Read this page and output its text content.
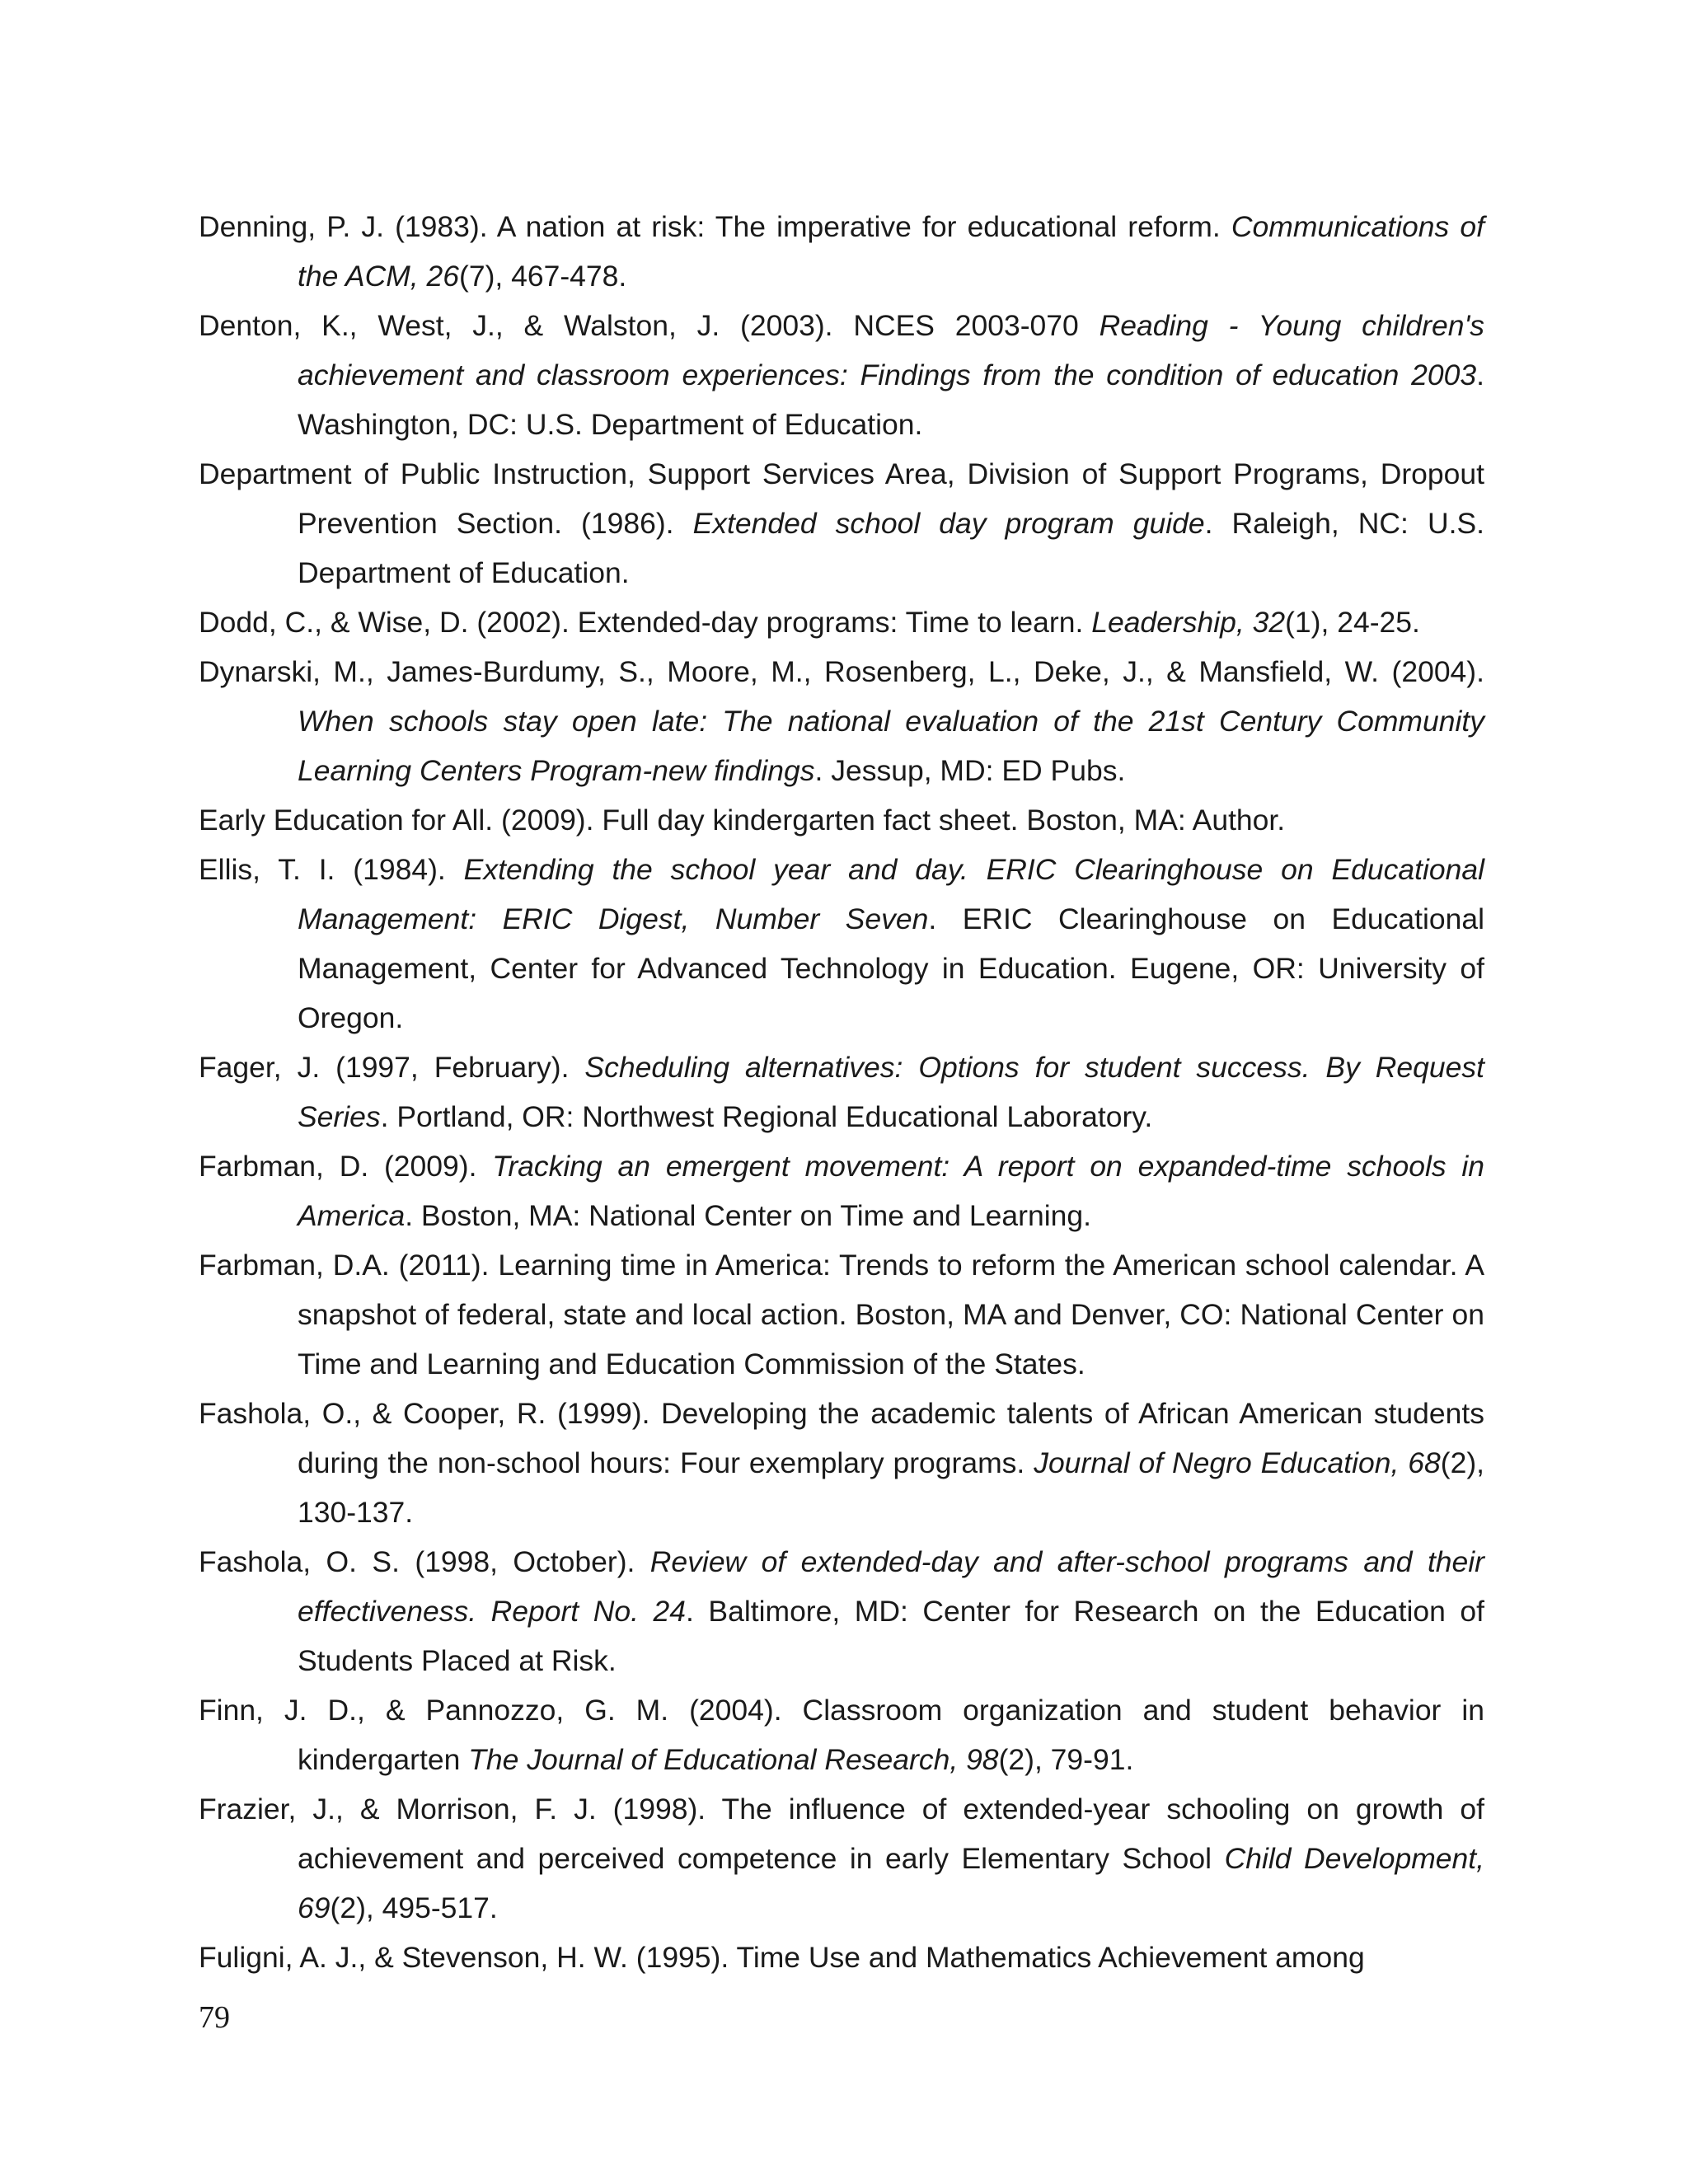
Denning, P. J. (1983). A nation at risk: The imperative for educational reform. Communications of the ACM, 26(7), 467-478.

Denton, K., West, J., & Walston, J. (2003). NCES 2003-070 Reading - Young children's achievement and classroom experiences: Findings from the condition of education 2003. Washington, DC: U.S. Department of Education.

Department of Public Instruction, Support Services Area, Division of Support Programs, Dropout Prevention Section. (1986). Extended school day program guide. Raleigh, NC: U.S. Department of Education.

Dodd, C., & Wise, D. (2002). Extended-day programs: Time to learn. Leadership, 32(1), 24-25.

Dynarski, M., James-Burdumy, S., Moore, M., Rosenberg, L., Deke, J., & Mansfield, W. (2004). When schools stay open late: The national evaluation of the 21st Century Community Learning Centers Program-new findings. Jessup, MD: ED Pubs.

Early Education for All. (2009). Full day kindergarten fact sheet. Boston, MA: Author.

Ellis, T. I. (1984). Extending the school year and day. ERIC Clearinghouse on Educational Management: ERIC Digest, Number Seven. ERIC Clearinghouse on Educational Management, Center for Advanced Technology in Education. Eugene, OR: University of Oregon.

Fager, J. (1997, February). Scheduling alternatives: Options for student success. By Request Series. Portland, OR: Northwest Regional Educational Laboratory.

Farbman, D. (2009). Tracking an emergent movement: A report on expanded-time schools in America. Boston, MA: National Center on Time and Learning.

Farbman, D.A. (2011). Learning time in America: Trends to reform the American school calendar. A snapshot of federal, state and local action. Boston, MA and Denver, CO: National Center on Time and Learning and Education Commission of the States.

Fashola, O., & Cooper, R. (1999). Developing the academic talents of African American students during the non-school hours: Four exemplary programs. Journal of Negro Education, 68(2), 130-137.

Fashola, O. S. (1998, October). Review of extended-day and after-school programs and their effectiveness. Report No. 24. Baltimore, MD: Center for Research on the Education of Students Placed at Risk.

Finn, J. D., & Pannozzo, G. M. (2004). Classroom organization and student behavior in kindergarten The Journal of Educational Research, 98(2), 79-91.

Frazier, J., & Morrison, F. J. (1998). The influence of extended-year schooling on growth of achievement and perceived competence in early Elementary School Child Development, 69(2), 495-517.

Fuligni, A. J., & Stevenson, H. W. (1995). Time Use and Mathematics Achievement among

79
